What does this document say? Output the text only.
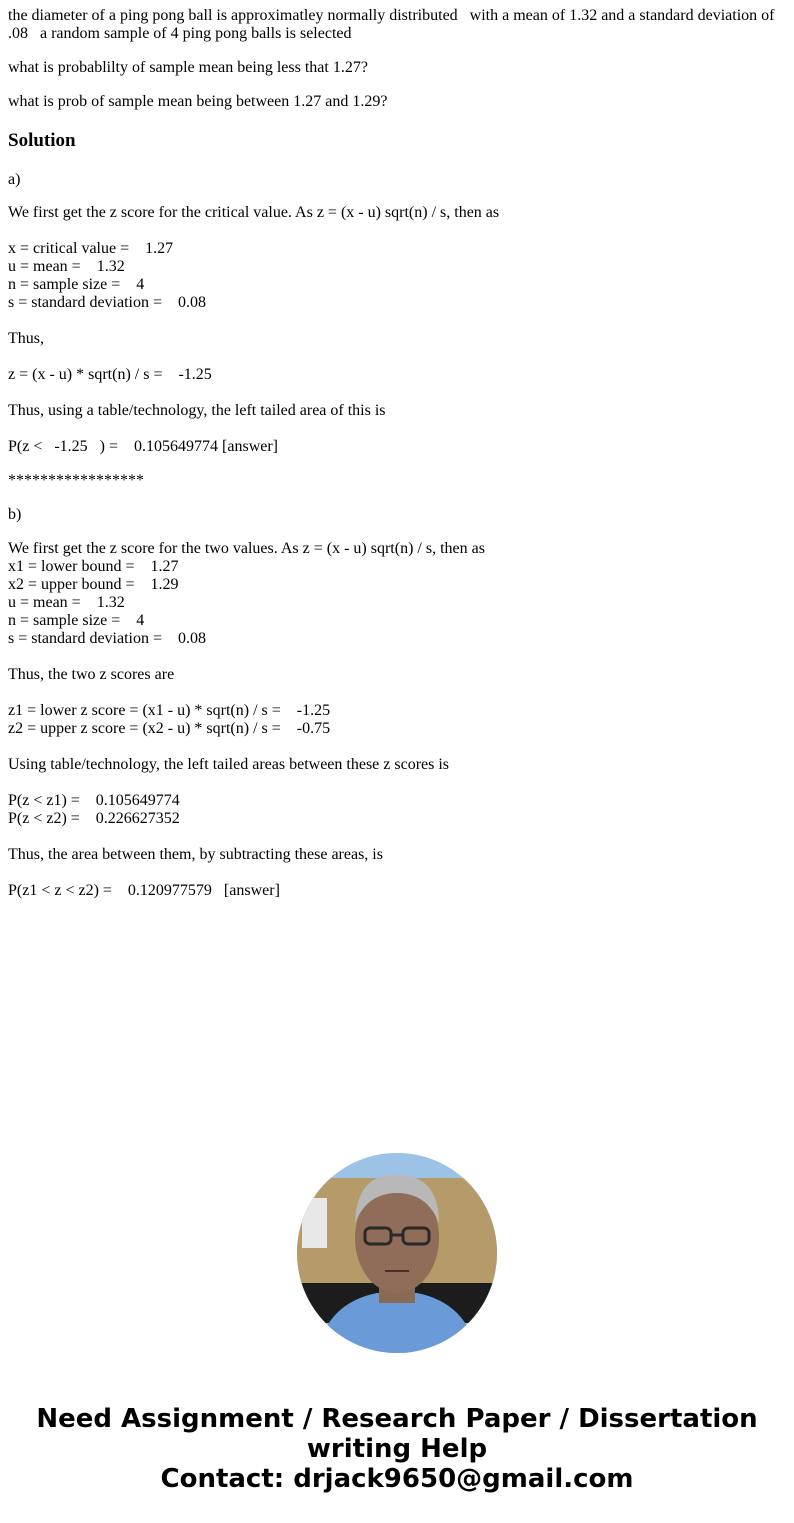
the diameter of a ping pong ball is approximatley normally distributed   with a mean of 1.32 and a standard deviation of .08   a random sample of 4 ping pong balls is selected
what is probablilty of sample mean being less that 1.27?
what is prob of sample mean being between 1.27 and 1.29?
Solution
a)
We first get the z score for the critical value. As z = (x - u) sqrt(n) / s, then as
x = critical value =    1.27
u = mean =    1.32
n = sample size =    4
s = standard deviation =    0.08
Thus,
z = (x - u) * sqrt(n) / s =    -1.25
Thus, using a table/technology, the left tailed area of this is
P(z <   -1.25   ) =    0.105649774 [answer]
*****************
b)
We first get the z score for the two values. As z = (x - u) sqrt(n) / s, then as
x1 = lower bound =    1.27
x2 = upper bound =    1.29
u = mean =    1.32
n = sample size =    4
s = standard deviation =    0.08
Thus, the two z scores are
z1 = lower z score = (x1 - u) * sqrt(n) / s =    -1.25
z2 = upper z score = (x2 - u) * sqrt(n) / s =    -0.75
Using table/technology, the left tailed areas between these z scores is
P(z < z1) =    0.105649774
P(z < z2) =    0.226627352
Thus, the area between them, by subtracting these areas, is
P(z1 < z < z2) =    0.120977579   [answer]
Need Assignment / Research Paper / Dissertation
writing Help
Contact: drjack9650@gmail.com
